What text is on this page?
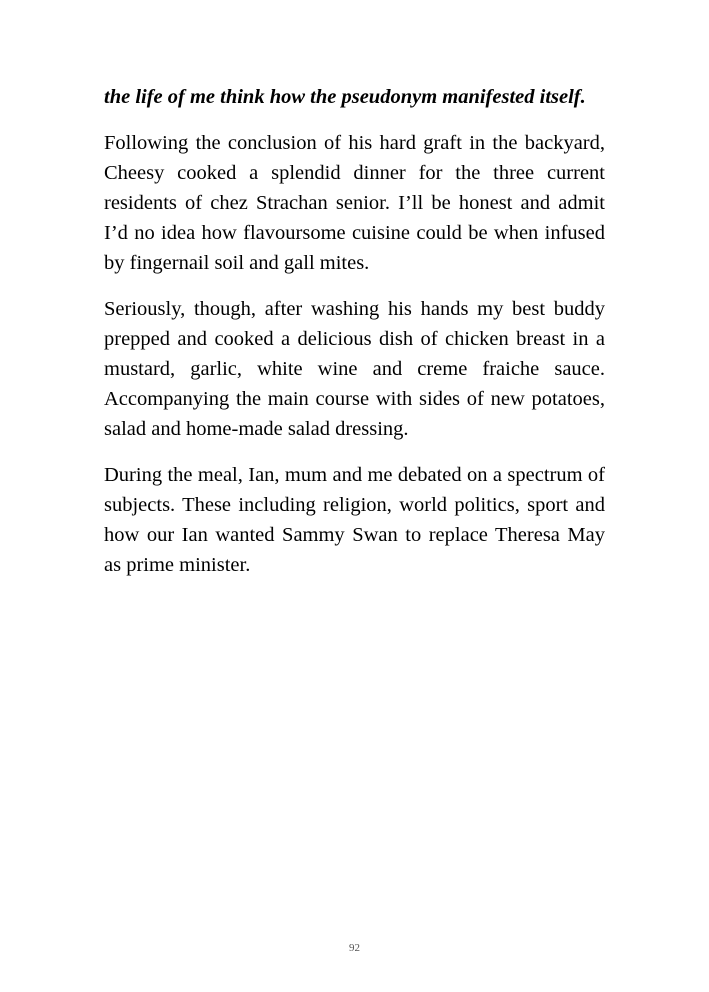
the life of me think how the pseudonym manifested itself.

Following the conclusion of his hard graft in the backyard, Cheesy cooked a splendid dinner for the three current residents of chez Strachan senior. I’ll be honest and admit I’d no idea how flavoursome cuisine could be when infused by fingernail soil and gall mites.

Seriously, though, after washing his hands my best buddy prepped and cooked a delicious dish of chicken breast in a mustard, garlic, white wine and creme fraiche sauce. Accompanying the main course with sides of new potatoes, salad and home-made salad dressing.

During the meal, Ian, mum and me debated on a spectrum of subjects. These including religion, world politics, sport and how our Ian wanted Sammy Swan to replace Theresa May as prime minister.

92
